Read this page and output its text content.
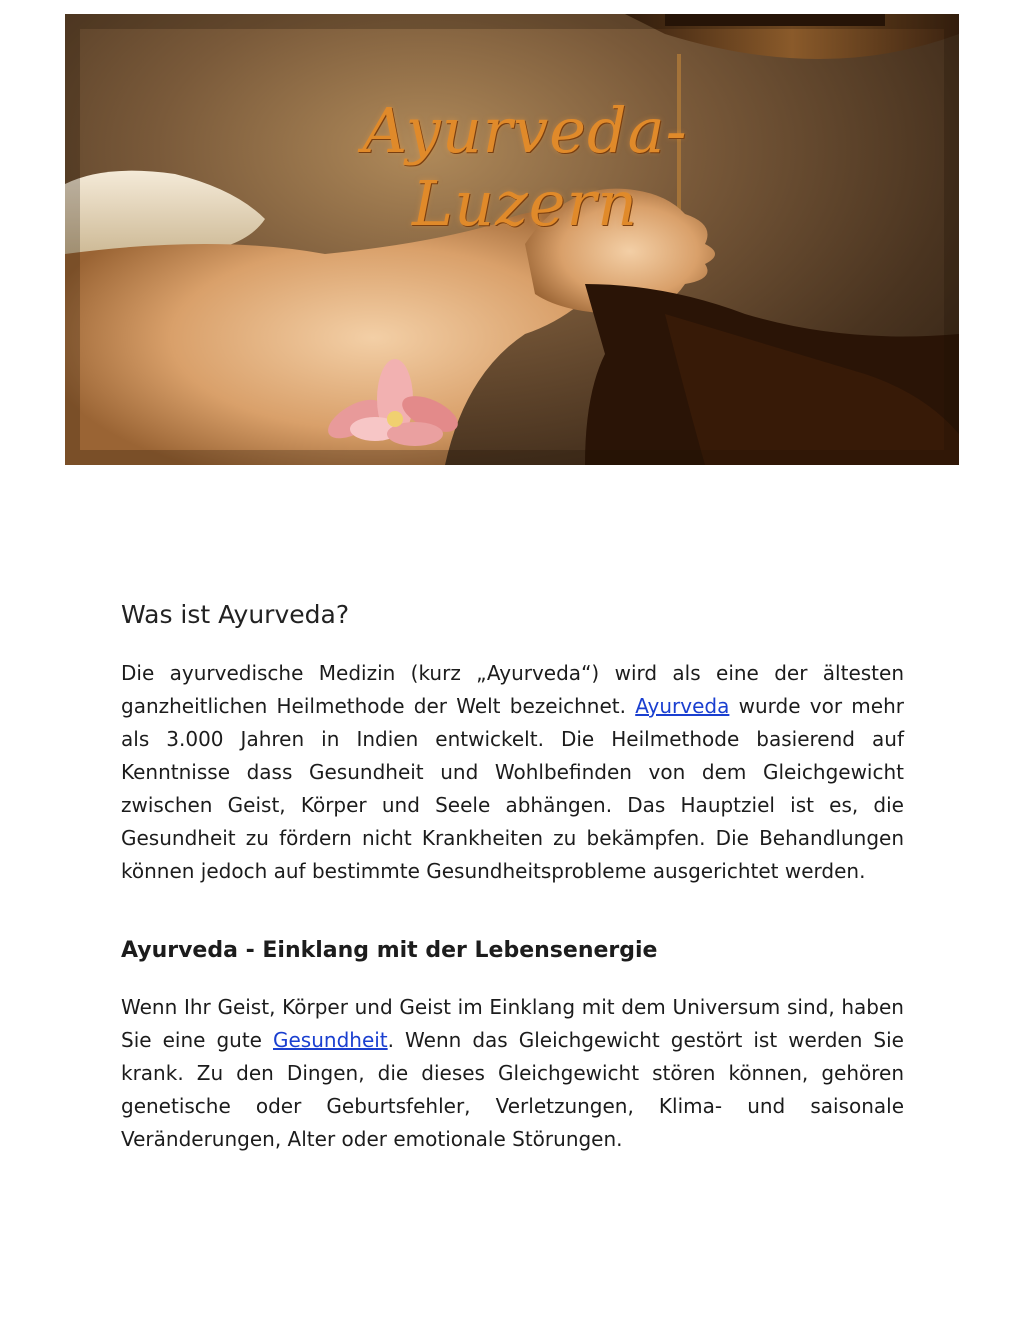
Ayurveda-Luzern
Was ist Ayurveda?
Die ayurvedische Medizin (kurz „Ayurveda“) wird als eine der ältesten ganzheitlichen Heilmethode der Welt bezeichnet. Ayurveda wurde vor mehr als 3.000 Jahren in Indien entwickelt. Die Heilmethode basierend auf Kenntnisse dass Gesundheit und Wohlbefinden von dem Gleichgewicht zwischen Geist, Körper und Seele abhängen. Das Hauptziel ist es, die Gesundheit zu fördern nicht Krankheiten zu bekämpfen. Die Behandlungen können jedoch auf bestimmte Gesundheitsprobleme ausgerichtet werden.
Ayurveda - Einklang mit der Lebensenergie
Wenn Ihr Geist, Körper und Geist im Einklang mit dem Universum sind, haben Sie eine gute Gesundheit. Wenn das Gleichgewicht gestört ist werden Sie krank. Zu den Dingen, die dieses Gleichgewicht stören können, gehören genetische oder Geburtsfehler, Verletzungen, Klima- und saisonale Veränderungen, Alter oder emotionale Störungen.
